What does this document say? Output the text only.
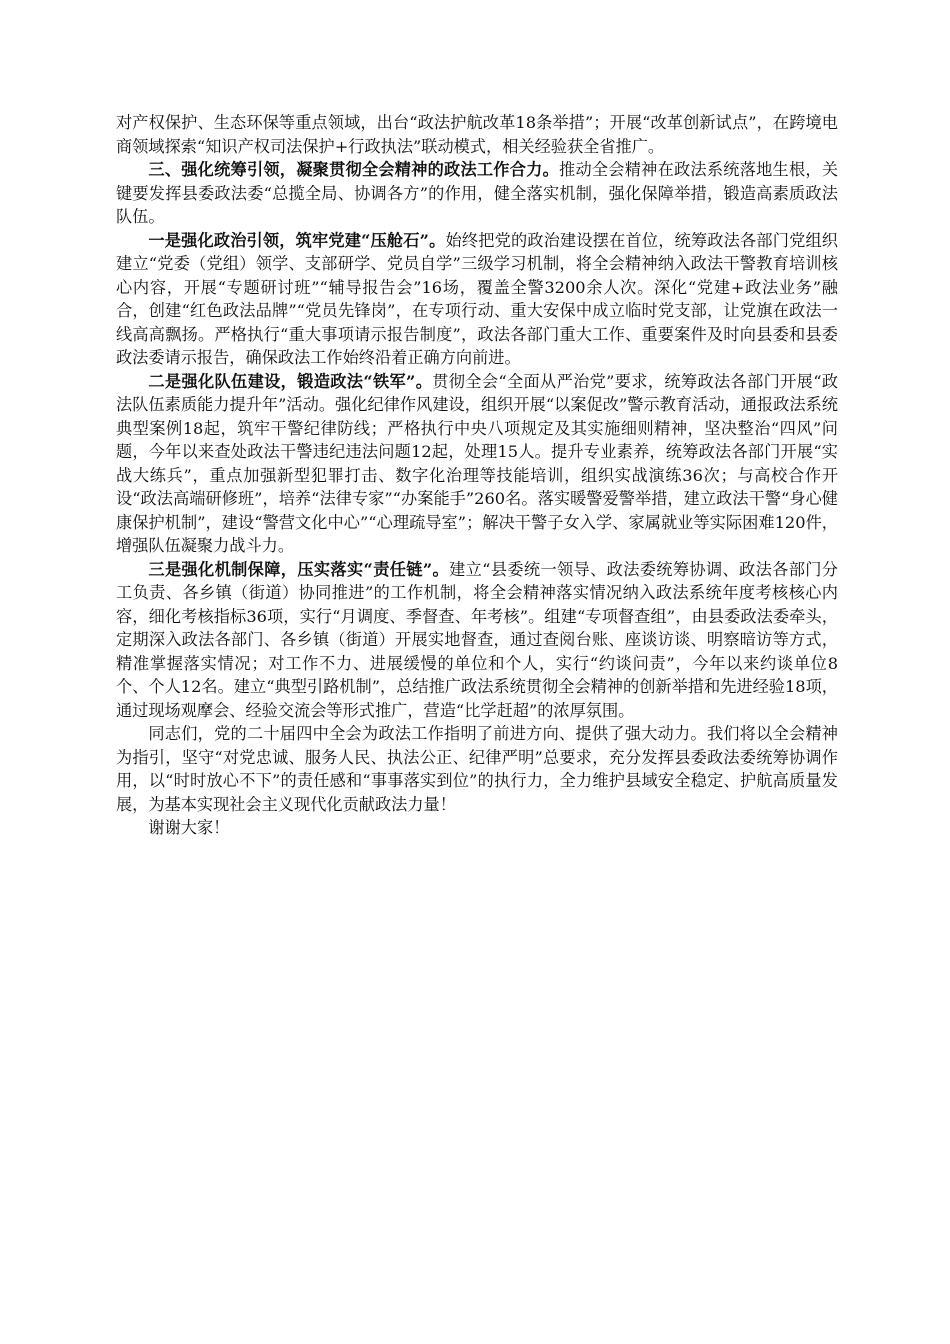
对产权保护、生态环保等重点领域，出台“政法护航改革18条举措”；开展“改革创新试点”，在跨境电商领域探索“知识产权司法保护+行政执法”联动模式，相关经验获全省推广。

三、强化统筹引领，凝聚贯彻全会精神的政法工作合力。推动全会精神在政法系统落地生根，关键要发挥县委政法委“总揽全局、协调各方”的作用，健全落实机制，强化保障举措，锻造高素质政法队伍。

一是强化政治引领，筑牢党建“压舱石”。始终把党的政治建设摆在首位，统筹政法各部门党组织建立“党委（党组）领学、支部研学、党员自学”三级学习机制，将全会精神纳入政法干警教育培训核心内容，开展“专题研讨班”“辅导报告会”16场，覆盖全警3200余人次。深化“党建+政法业务”融合，创建“红色政法品牌”“党员先锋岗”，在专项行动、重大安保中成立临时党支部，让党旗在政法一线高高飘扬。严格执行“重大事项请示报告制度”，政法各部门重大工作、重要案件及时向县委和县委政法委请示报告，确保政法工作始终沿着正确方向前进。

二是强化队伍建设，锻造政法“铁军”。贯彻全会“全面从严治党”要求，统筹政法各部门开展“政法队伍素质能力提升年”活动。强化纪律作风建设，组织开展“以案促改”警示教育活动，通报政法系统典型案例18起，筑牢干警纪律防线；严格执行中央八项规定及其实施细则精神，坚决整治“四风”问题，今年以来查处政法干警违纪违法问题12起，处理15人。提升专业素养，统筹政法各部门开展“实战大练兵”，重点加强新型犯罪打击、数字化治理等技能培训，组织实战演练36次；与高校合作开设“政法高端研修班”，培养“法律专家”“办案能手”260名。落实暖警爱警举措，建立政法干警“身心健康保护机制”，建设“警营文化中心”“心理疏导室”；解决干警子女入学、家属就业等实际困难120件，增强队伍凝聚力战斗力。

三是强化机制保障，压实落实“责任链”。建立“县委统一领导、政法委统筹协调、政法各部门分工负责、各乡镇（街道）协同推进”的工作机制，将全会精神落实情况纳入政法系统年度考核核心内容，细化考核指标36项，实行“月调度、季督查、年考核”。组建“专项督查组”，由县委政法委牵头，定期深入政法各部门、各乡镇（街道）开展实地督查，通过查阅台账、座谈访谈、明察暗访等方式，精准掌握落实情况；对工作不力、进展缓慢的单位和个人，实行“约谈问责”，今年以来约谈单位8个、个人12名。建立“典型引路机制”，总结推广政法系统贯彻全会精神的创新举措和先进经验18项，通过现场观摩会、经验交流会等形式推广，营造“比学赶超”的浓厚氛围。

同志们，党的二十届四中全会为政法工作指明了前进方向、提供了强大动力。我们将以全会精神为指引，坚守“对党忠诚、服务人民、执法公正、纪律严明”总要求，充分发挥县委政法委统筹协调作用，以“时时放心不下”的责任感和“事事落实到位”的执行力，全力维护县域安全稳定、护航高质量发展，为基本实现社会主义现代化贡献政法力量！

谢谢大家！
